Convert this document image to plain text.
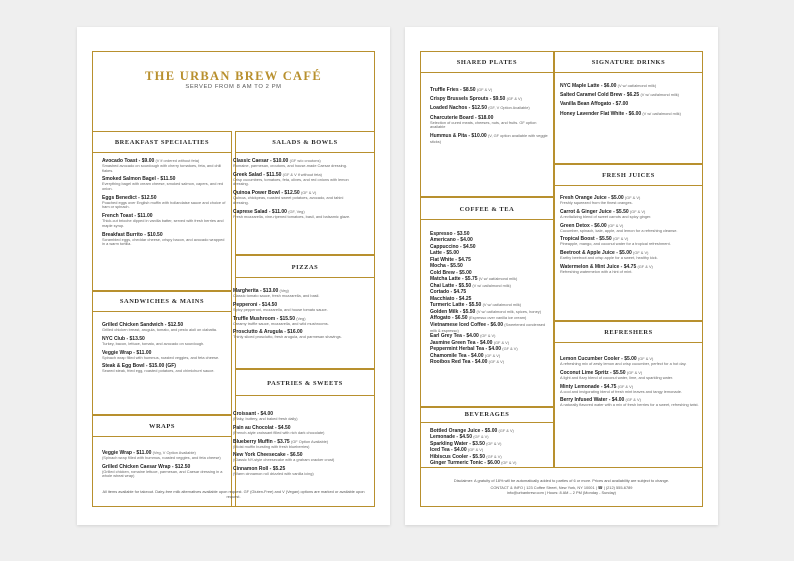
THE URBAN BREW CAFÉ
SERVED FROM 8 AM TO 2 PM
BREAKFAST SPECIALTIES
Avocado Toast - $9.00 (V if ordered without feta)
Smashed avocado on sourdough with cherry tomatoes, feta, and chili flakes.
Smoked Salmon Bagel - $11.50
Everything bagel with cream cheese, smoked salmon, capers, and red onion.
Eggs Benedict - $12.50
Poached eggs over English muffin with hollandaise sauce and choice of ham or spinach.
French Toast - $11.00
Thick-cut brioche dipped in vanilla batter, served with fresh berries and maple syrup.
Breakfast Burrito - $10.50
Scrambled eggs, cheddar cheese, crispy bacon, and avocado wrapped in a warm tortilla.
SALADS & BOWLS
Classic Caesar - $10.00 (GF w/o croutons)
Romaine, parmesan, croutons, and house-made Caesar dressing.
Greek Salad - $11.50 (GF & V if without feta)
Crisp cucumbers, tomatoes, feta, olives, and red onions with lemon dressing.
Quinoa Power Bowl - $12.50 (GF & V)
Quinoa, chickpeas, roasted sweet potatoes, avocado, and tahini dressing.
Caprese Salad - $11.00 (GF, Veg)
Fresh mozzarella, vine-ripened tomatoes, basil, and balsamic glaze.
SANDWICHES & MAINS
Grilled Chicken Sandwich - $12.50
Grilled chicken breast, arugula, tomato, and pesto aioli on ciabatta.
NYC Club - $13.50
Turkey, bacon, lettuce, tomato, and avocado on sourdough.
Veggie Wrap - $11.00
Spinach wrap filled with hummus, roasted veggies, and feta cheese.
Steak & Egg Bowl - $15.00 (GF)
Seared steak, fried egg, roasted potatoes, and chimichurri sauce.
PIZZAS
Margherita - $13.00 (Veg)
Classic tomato sauce, fresh mozzarella, and basil.
Pepperoni - $14.50
Spicy pepperoni, mozzarella, and house tomato sauce.
Truffle Mushroom - $15.50 (Veg)
Creamy truffle sauce, mozzarella, and wild mushrooms.
Prosciutto & Arugula - $16.00
Thinly sliced prosciutto, fresh arugula, and parmesan shavings.
WRAPS
Veggie Wrap - $11.00 (Veg, V Option Available)
(Spinach wrap filled with hummus, roasted veggies, and feta cheese)
Grilled Chicken Caesar Wrap - $12.50
(Grilled chicken, romaine lettuce, parmesan, and Caesar dressing in a whole wheat wrap)
PASTRIES & SWEETS
Croissant - $4.00
(Flaky, buttery, and baked fresh daily)
Pain au Chocolat - $4.50
(French-style croissant filled with rich dark chocolate)
Blueberry Muffin - $3.75 (GF Option Available)
(Moist muffin bursting with fresh blueberries)
New York Cheesecake - $6.50
(Classic NY-style cheesecake with a graham cracker crust)
Cinnamon Roll - $5.25
(Warm cinnamon roll drizzled with vanilla icing)
All items available for takeout. Dairy-free milk alternatives available upon request. GF (Gluten-Free) and V (Vegan) options are marked or available upon request.
SHARED PLATES
Truffle Fries - $8.50 (GF & V)
Crispy Brussels Sprouts - $9.50 (GF & V)
Loaded Nachos - $12.50 (GF, V Option Available)
Charcuterie Board - $18.00
Selection of cured meats, cheeses, nuts, and fruits. GF option available
Hummus & Pita - $10.00 (V, GF option available with veggie sticks)
SIGNATURE DRINKS
NYC Maple Latte - $6.00 (V w/ oat/almond milk)
Salted Caramel Cold Brew - $6.25 (V w/ oat/almond milk)
Vanilla Bean Affogato - $7.00
Honey Lavender Flat White - $6.00 (V w/ oat/almond milk)
COFFEE & TEA
Espresso - $3.50
Americano - $4.00
Cappuccino - $4.50
Latte - $5.00
Flat White - $4.75
Mocha - $5.50
Cold Brew - $5.00
Matcha Latte - $5.75 (V w/ oat/almond milk)
Chai Latte - $5.50 (V w/ oat/almond milk)
Cortado - $4.75
Macchiato - $4.25
Turmeric Latte - $5.50 (V w/ oat/almond milk)
Golden Milk - $5.50 (V w/ oat/almond milk, spices, honey)
Affogato - $6.50 (Espresso over vanilla ice cream)
Vietnamese Iced Coffee - $6.00 (Sweetened condensed milk & espresso)
Earl Grey Tea - $4.00 (GF & V)
Jasmine Green Tea - $4.00 (GF & V)
Peppermint Herbal Tea - $4.00 (GF & V)
Chamomile Tea - $4.00 (GF & V)
Rooibos Red Tea - $4.00 (GF & V)
FRESH JUICES
Fresh Orange Juice - $5.00 (GF & V)
Freshly squeezed from the finest oranges.
Carrot & Ginger Juice - $5.50 (GF & V)
A revitalizing blend of sweet carrots and spicy ginger.
Green Detox - $6.00 (GF & V)
Cucumber, spinach, kale, apple, and lemon for a refreshing cleanse.
Tropical Boost - $5.50 (GF & V)
Pineapple, mango, and coconut water for a tropical refreshment.
Beetroot & Apple Juice - $5.00 (GF & V)
Earthy beetroot and crisp apple for a sweet, healthy kick.
Watermelon & Mint Juice - $4.75 (GF & V)
Refreshing watermelon with a hint of mint.
BEVERAGES
Bottled Orange Juice - $5.00 (GF & V)
Lemonade - $4.50 (GF & V)
Sparkling Water - $3.50 (GF & V)
Iced Tea - $4.00 (GF & V)
Hibiscus Cooler - $5.50 (GF & V)
Ginger Turmeric Tonic - $6.00 (GF & V)
REFRESHERS
Lemon Cucumber Cooler - $5.00 (GF & V)
A refreshing mix of zesty lemon and crisp cucumber, perfect for a hot day.
Coconut Lime Spritz - $5.50 (GF & V)
A light and fizzy blend of coconut water, lime, and sparkling water.
Minty Lemonade - $4.75 (GF & V)
A cool and invigorating blend of fresh mint leaves and tangy lemonade.
Berry Infused Water - $4.00 (GF & V)
A naturally flavored water with a mix of fresh berries for a sweet, refreshing twist.
Disclaimer: A gratuity of 18% will be automatically added to parties of 6 or more. Prices and availability are subject to change.
CONTACT & INFO | 123 Coffee Street, New York, NY 10001 | ☎ | (212) 555-6789
info@urbanbrew.com | Hours: 8 AM – 2 PM (Monday - Sunday)
